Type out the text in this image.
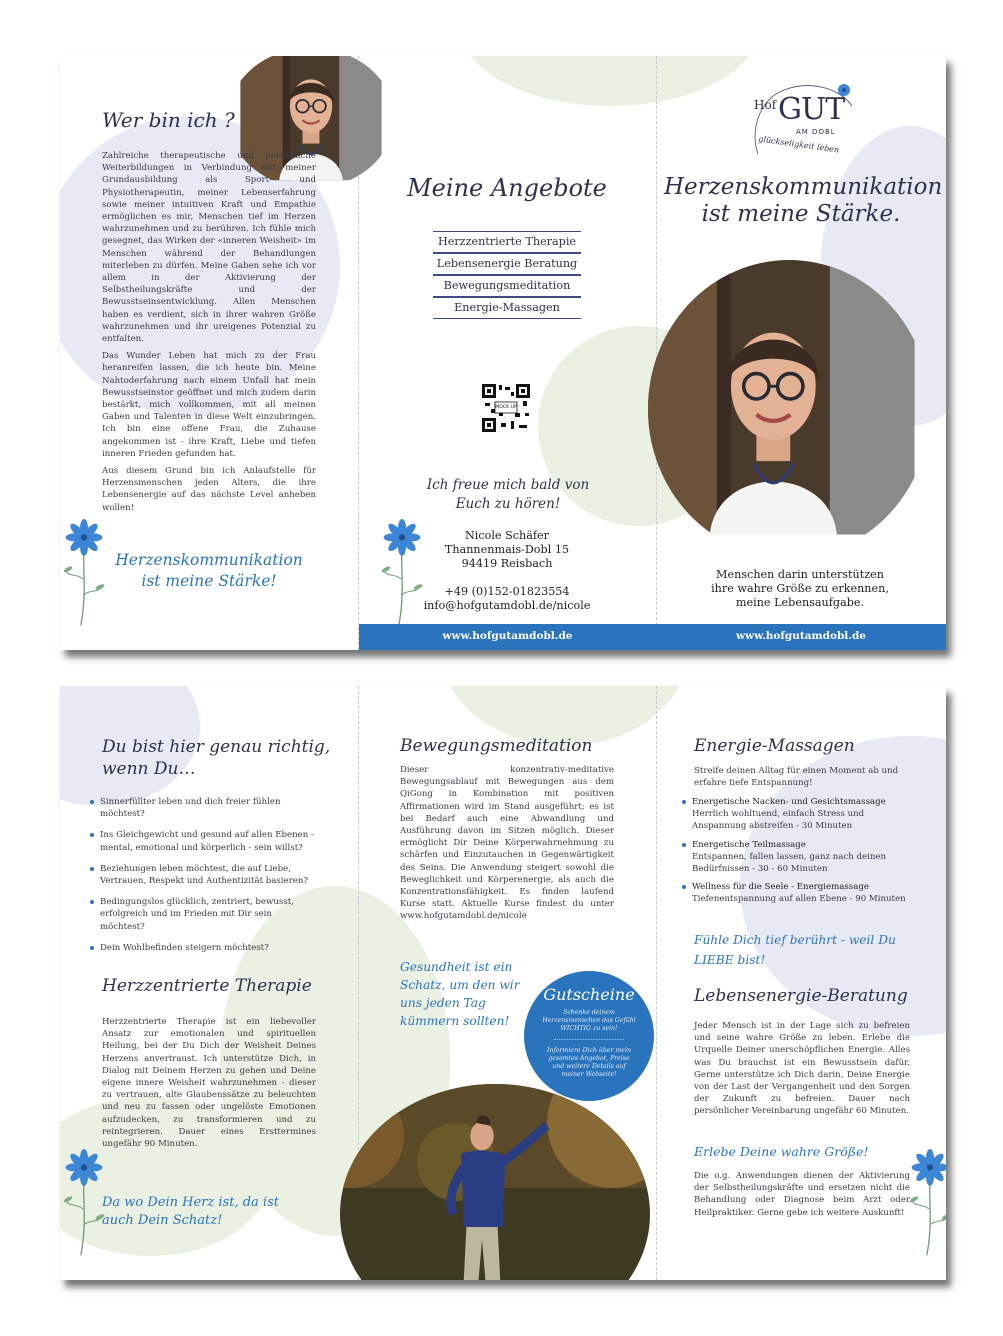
Wer bin ich ?

Zahlreiche therapeutische und persönliche Weiterbildungen in Verbindung mit meiner Grundausbildung als Sport- und Physiotherapeutin, meiner Lebenserfahrung sowie meiner intuitiven Kraft und Empathie ermöglichen es mir, Menschen tief im Herzen wahrzunehmen und zu berühren. Ich fühle mich gesegnet, das Wirken der «inneren Weisheit» im Menschen während der Behandlungen miterleben zu dürfen. Meine Gaben sehe ich vor allem in der Aktivierung der Selbstheilungskräfte und der Bewusstseinsentwicklung. Allen Menschen haben es verdient, sich in ihrer wahren Größe wahrzunehmen und ihr ureigenes Potenzial zu entfalten.

Das Wunder Leben hat mich zu der Frau heranreifen lassen, die ich heute bin. Meine Nahtoderfahrung nach einem Unfall hat mein Bewusstseinstor geöffnet und mich zudem darin bestärkt, mich vollkommen, mit all meinen Gaben und Talenten in diese Welt einzubringen. Ich bin eine offene Frau, die Zuhause angekommen ist - ihre Kraft, Liebe und tiefen inneren Frieden gefunden hat.

Aus diesem Grund bin ich Anlaufstelle für Herzensmenschen jeden Alters, die ihre Lebensenergie auf das nächste Level anheben wollen!

Herzenskommunikation ist meine Stärke!
Meine Angebote
Herzzentrierte Therapie
Lebensenergie Beratung
Bewegungsmeditation
Energie-Massagen
MOCK UP
Ich freue mich bald von Euch zu hören!
Nicole Schäfer
Thannenmais-Dobl 15
94419 Reisbach
+49 (0)152-01823554
info@hofgutamdobl.de/nicole
www.hofgutamdobl.de
Hof GUT
AM DOBL
glückseligkeit leben
Herzenskommunikation
ist meine Stärke.
Menschen darin unterstützen
ihre wahre Größe zu erkennen,
meine Lebensaufgabe.
www.hofgutamdobl.de
Du bist hier genau richtig,
wenn Du…
Sinnerfüllter leben und dich freier fühlen möchtest?
Ins Gleichgewicht und gesund auf allen Ebenen - mental, emotional und körperlich - sein willst?
Beziehungen leben möchtest, die auf Liebe, Vertrauen, Respekt und Authentizität basieren?
Bedingungslos glücklich, zentriert, bewusst, erfolgreich und im Frieden mit Dir sein möchtest?
Dein Wohlbefinden steigern möchtest?
Herzzentrierte Therapie
Herzzentrierte Therapie ist ein liebevoller Ansatz zur emotionalen und spirituellen Heilung, bei der Du Dich der Weisheit Deines Herzens anvertraust. Ich unterstütze Dich, in Dialog mit Deinem Herzen zu gehen und Deine eigene innere Weisheit wahrzunehmen - dieser zu vertrauen, alte Glaubenssätze zu beleuchten und neu zu fassen oder ungelöste Emotionen aufzudecken, zu transformieren und zu reintegrieren. Dauer eines Ersttermines ungefähr 90 Minuten.
Da wo Dein Herz ist, da ist auch Dein Schatz!
Bewegungsmeditation
Dieser konzentrativ-meditative Bewegungsablauf mit Bewegungen aus dem QiGong in Kombination mit positiven Affirmationen wird im Stand ausgeführt; es ist bei Bedarf auch eine Abwandlung und Ausführung davon im Sitzen möglich. Dieser ermöglicht Dir Deine Körperwahrnehmung zu schärfen und Einzutauchen in Gegenwärtigkeit des Seins. Die Anwendung steigert sowohl die Beweglichkeit und Körperenergie, als auch die Konzentrationsfähigkeit. Es finden laufend Kurse statt. Aktuelle Kurse findest du unter www.hofgutamdobl.de/nicole
Gesundheit ist ein Schatz, um den wir uns jeden Tag kümmern sollten!
Gutscheine
Schenke deinem Herzensmenschen das Gefühl WICHTIG zu sein!
Informiere Dich über mein gesamtes Angebot, Preise und weitere Details auf meiner Webseite!
Energie-Massagen
Streife deinen Alltag für einen Moment ab und erfahre tiefe Entspannung!
Energetische Nacken- und Gesichtsmassage
Herrlich wohltuend, einfach Stress und Anspannung abstreifen - 30 Minuten
Energetische Teilmassage
Entspannen, fallen lassen, ganz nach deinen Bedürfnissen - 30 - 60 Minuten
Wellness für die Seele - Energiemassage
Tiefenentspannung auf allen Ebene - 90 Minuten
Fühle Dich tief berührt - weil Du LIEBE bist!
Lebensenergie-Beratung
Jeder Mensch ist in der Lage sich zu befreien und seine wahre Größe zu leben. Erlebe die Urquelle Deiner unerschöpflichen Energie. Alles was Du brauchst ist ein Bewusstsein dafür. Gerne unterstütze ich Dich darin, Deine Energie von der Last der Vergangenheit und den Sorgen der Zukunft zu befreien. Dauer nach persönlicher Vereinbarung ungefähr 60 Minuten.
Erlebe Deine wahre Größe!
Die o.g. Anwendungen dienen der Aktivierung der Selbstheilungskräfte und ersetzen nicht die Behandlung oder Diagnose beim Arzt oder Heilpraktiker. Gerne gebe ich weitere Auskunft!
